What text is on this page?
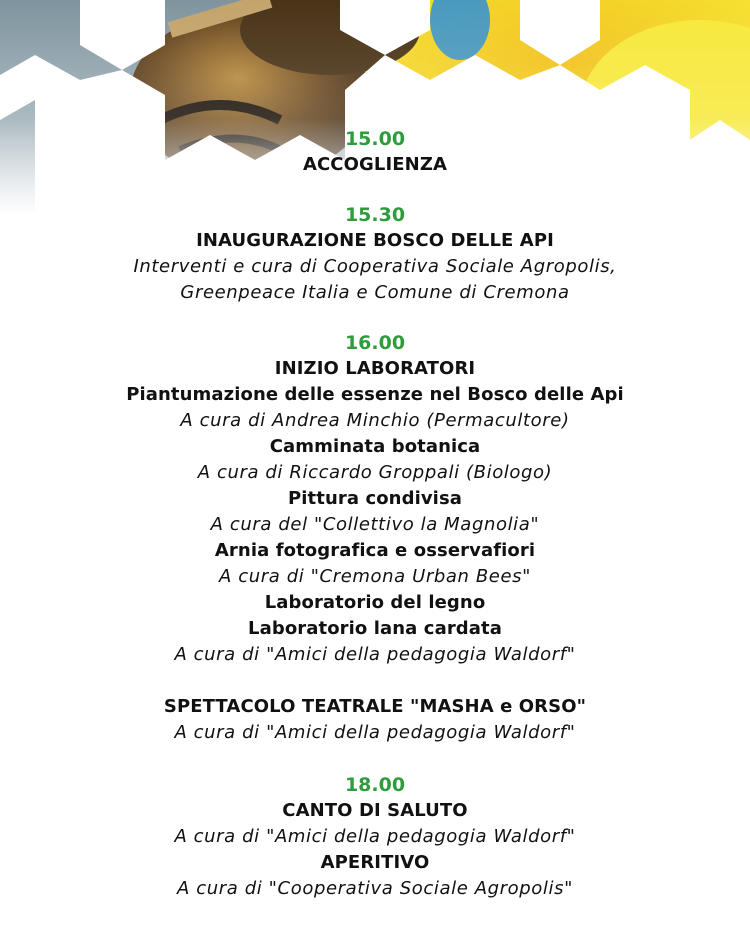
15.00
ACCOGLIENZA
15.30
INAUGURAZIONE BOSCO DELLE API
Interventi e cura di Cooperativa Sociale Agropolis,
Greenpeace Italia e Comune di Cremona
16.00
INIZIO LABORATORI
Piantumazione delle essenze nel Bosco delle Api
A cura di Andrea Minchio (Permacultore)
Camminata botanica
A cura di Riccardo Groppali (Biologo)
Pittura condivisa
A cura del "Collettivo la Magnolia"
Arnia fotografica e osservafiori
A cura di "Cremona Urban Bees"
Laboratorio del legno
Laboratorio lana cardata
A cura di "Amici della pedagogia Waldorf"
SPETTACOLO TEATRALE "MASHA e ORSO"
A cura di "Amici della pedagogia Waldorf"
18.00
CANTO DI SALUTO
A cura di "Amici della pedagogia Waldorf"
APERITIVO
A cura di "Cooperativa Sociale Agropolis"
